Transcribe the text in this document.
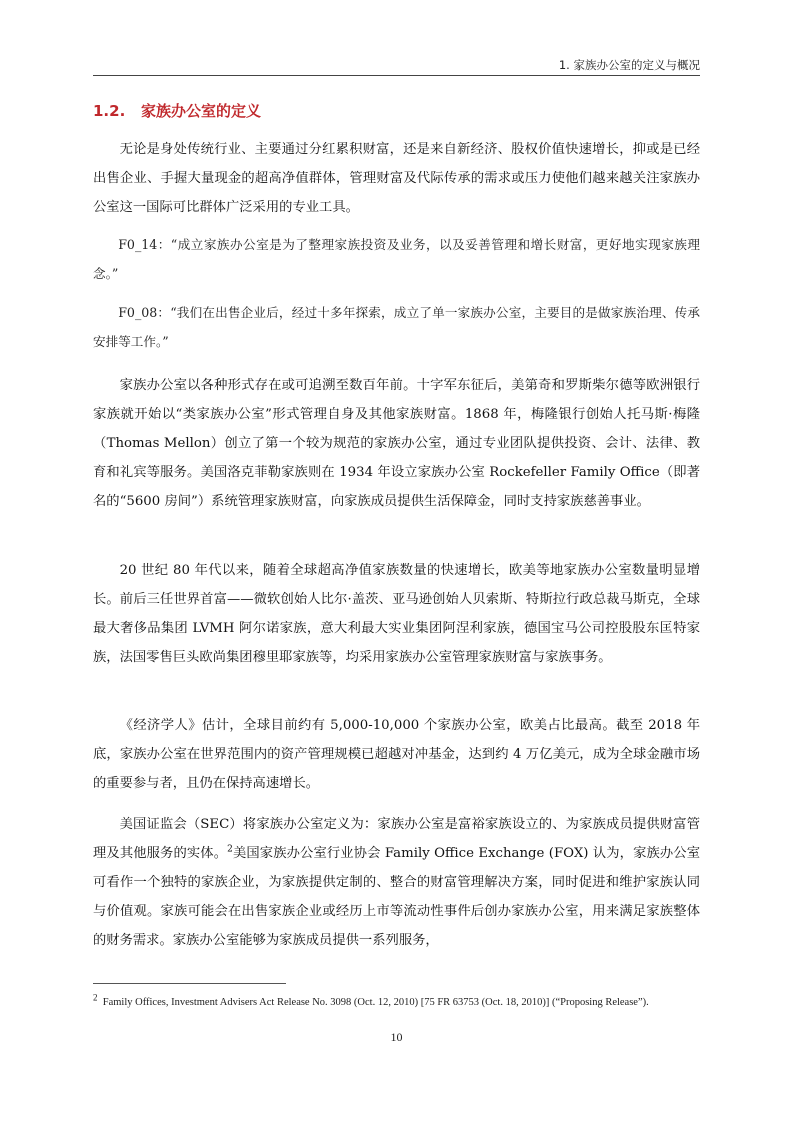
1. 家族办公室的定义与概况
1.2. 家族办公室的定义

无论是身处传统行业、主要通过分红累积财富，还是来自新经济、股权价值快速增长，抑或是已经出售企业、手握大量现金的超高净值群体，管理财富及代际传承的需求或压力使他们越来越关注家族办公室这一国际可比群体广泛采用的专业工具。

F0_14：“成立家族办公室是为了整理家族投资及业务，以及妥善管理和增长财富，更好地实现家族理念。”

F0_08：“我们在出售企业后，经过十多年探索，成立了单一家族办公室，主要目的是做家族治理、传承安排等工作。”

家族办公室以各种形式存在或可追溯至数百年前。十字军东征后，美第奇和罗斯柴尔德等欧洲银行家族就开始以“类家族办公室”形式管理自身及其他家族财富。1868 年，梅隆银行创始人托马斯·梅隆（Thomas Mellon）创立了第一个较为规范的家族办公室，通过专业团队提供投资、会计、法律、教育和礼宾等服务。美国洛克菲勒家族则在 1934 年设立家族办公室 Rockefeller Family Office（即著名的“5600 房间”）系统管理家族财富，向家族成员提供生活保障金，同时支持家族慈善事业。

20 世纪 80 年代以来，随着全球超高净值家族数量的快速增长，欧美等地家族办公室数量明显增长。前后三任世界首富——微软创始人比尔·盖茨、亚马逊创始人贝索斯、特斯拉行政总裁马斯克，全球最大奢侈品集团 LVMH 阿尔诺家族，意大利最大实业集团阿涅利家族，德国宝马公司控股股东匡特家族，法国零售巨头欧尚集团穆里耶家族等，均采用家族办公室管理家族财富与家族事务。

《经济学人》估计，全球目前约有 5,000-10,000 个家族办公室，欧美占比最高。截至 2018 年底，家族办公室在世界范围内的资产管理规模已超越对冲基金，达到约 4 万亿美元，成为全球金融市场的重要参与者，且仍在保持高速增长。

美国证监会（SEC）将家族办公室定义为：家族办公室是富裕家族设立的、为家族成员提供财富管理及其他服务的实体。$^2$美国家族办公室行业协会 Family Office Exchange (FOX) 认为，家族办公室可看作一个独特的家族企业，为家族提供定制的、整合的财富管理解决方案，同时促进和维护家族认同与价值观。家族可能会在出售家族企业或经历上市等流动性事件后创办家族办公室，用来满足家族整体的财务需求。家族办公室能够为家族成员提供一系列服务，

$^2$ Family Offices, Investment Advisers Act Release No. 3098 (Oct. 12, 2010) [75 FR 63753 (Oct. 18, 2010)] (“Proposing Release”).
10
